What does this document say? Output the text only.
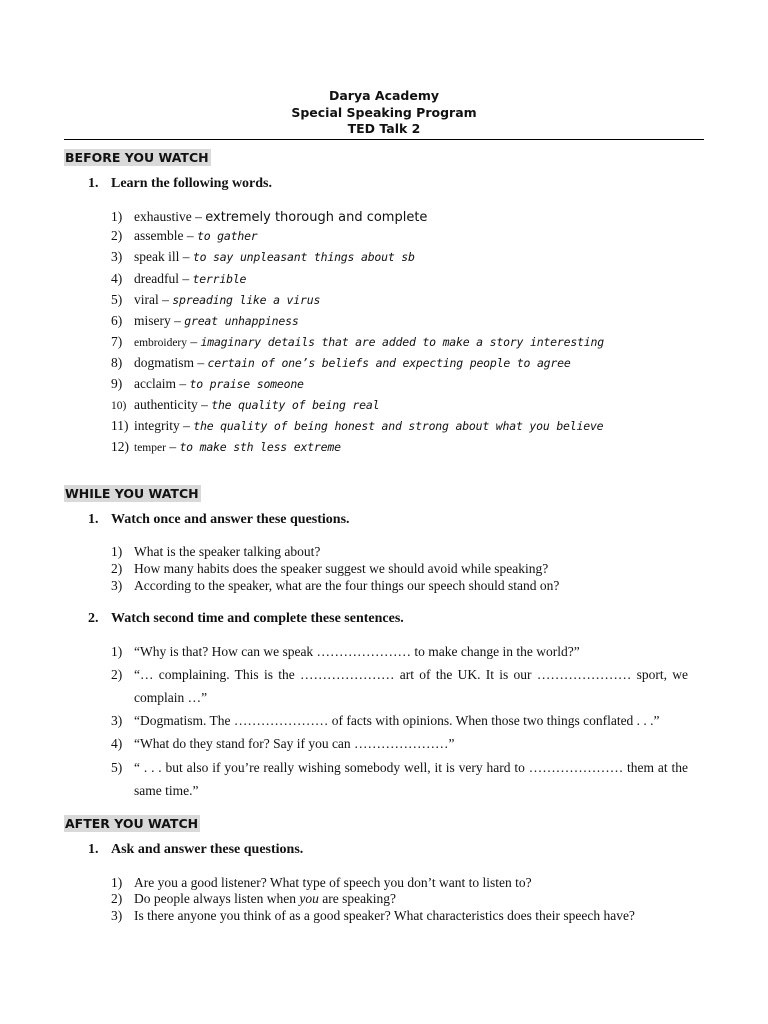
Darya Academy
Special Speaking Program
TED Talk 2
BEFORE YOU WATCH
1. Learn the following words.
1) exhaustive – extremely thorough and complete
2) assemble – to gather
3) speak ill – to say unpleasant things about sb
4) dreadful – terrible
5) viral – spreading like a virus
6) misery – great unhappiness
7) embroidery – imaginary details that are added to make a story interesting
8) dogmatism – certain of one’s beliefs and expecting people to agree
9) acclaim – to praise someone
10) authenticity – the quality of being real
11) integrity – the quality of being honest and strong about what you believe
12) temper – to make sth less extreme
WHILE YOU WATCH
1. Watch once and answer these questions.
1) What is the speaker talking about?
2) How many habits does the speaker suggest we should avoid while speaking?
3) According to the speaker, what are the four things our speech should stand on?
2. Watch second time and complete these sentences.
1) “Why is that? How can we speak ………………… to make change in the world?”
2) “… complaining. This is the ………………… art of the UK. It is our ………………… sport, we complain …”
3) “Dogmatism. The ………………… of facts with opinions. When those two things conflated . . .”
4) “What do they stand for? Say if you can …………………”
5) “ . . . but also if you’re really wishing somebody well, it is very hard to ………………… them at the same time.”
AFTER YOU WATCH
1. Ask and answer these questions.
1) Are you a good listener? What type of speech you don’t want to listen to?
2) Do people always listen when you are speaking?
3) Is there anyone you think of as a good speaker? What characteristics does their speech have?
